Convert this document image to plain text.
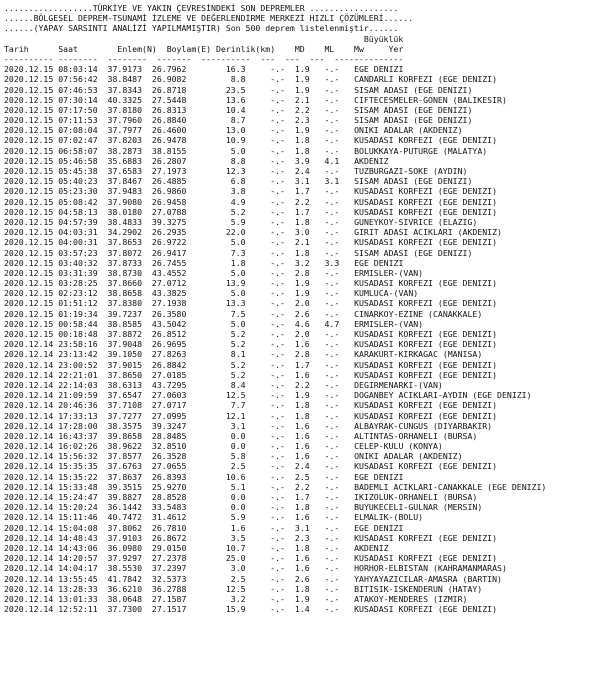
..................TÜRKİYE VE YAKIN ÇEVRESİNDEKİ SON DEPREMLER ..................
......BÖLGESEL DEPREM-TSUNAMİ İZLEME VE DEĞERLENDİRME MERKEZİ HIZLI ÇÖZÜMLERİ......
......(YAPAY SARSINTI ANALİZİ YAPILMAMIŞTIR) Son 500 deprem listelenmiştir......
Büyüklük
Tarih	Saat	Enlem(N) Boylam(E) Derinlik(km) MD ML Mw	Yer
---------- --------  --------  -------  ----------  ---  ---  ---  --------------
2020.12.15 08:03:14 37.9173 26.7962	16.3	-.- 1.9 -.- EGE DENIZI
2020.12.15 07:56:42 38.8487 26.9082	8.8	-.- 1.9 -.- CANDARLI KORFEZI (EGE DENIZI)
2020.12.15 07:46:53 37.8343 26.8718	23.5	-.- 1.9 -.- SISAM ADASI (EGE DENIZI)
2020.12.15 07:30:14 40.3325 27.5448	13.6	-.- 2.1 -.- CIFTECESMELER-GONEN (BALIKESIR)
2020.12.15 07:17:50 37.8180 26.8313	10.4	-.- 2.2 -.- SISAM ADASI (EGE DENIZI)
2020.12.15 07:11:53 37.7960 26.8840	8.7	-.- 2.3 -.- SISAM ADASI (EGE DENIZI)
2020.12.15 07:08:04 37.7977 26.4600	13.0	-.- 1.9 -.- ONIKI ADALAR (AKDENIZ)
2020.12.15 07:02:47 37.8203 26.9478	10.9	-.- 1.8 -.- KUSADASI KORFEZI (EGE DENIZI)
2020.12.15 06:58:07 38.2873 38.8155	5.0	-.- 1.8 -.- BOLUKKAYA-PUTURGE (MALATYA)
2020.12.15 05:46:58 35.6883 26.2807	8.8	-.- 3.9 4.1 AKDENIZ
2020.12.15 05:45:38 37.6583 27.1973	12.3	-.- 2.4 -.- TUZBURGAZI-SOKE (AYDIN)
2020.12.15 05:40:23 37.8467 26.4885	6.8	-.- 3.1 3.1 SISAM ADASI (EGE DENIZI)
2020.12.15 05:23:30 37.9483 26.9860	3.8	-.- 1.7 -.- KUSADASI KORFEZI (EGE DENIZI)
2020.12.15 05:08:42 37.9080 26.9458	4.9	-.- 2.2 -.- KUSADASI KORFEZI (EGE DENIZI)
2020.12.15 04:58:13 38.0180 27.0788	5.2	-.- 1.7 -.- KUSADASI KORFEZI (EGE DENIZI)
2020.12.15 04:57:39 38.4833 39.3275	5.9	-.- 1.8 -.- GUNEYKOY-SIVRICE (ELAZIG)
2020.12.15 04:03:31 34.2902 26.2935	22.0	-.- 3.0 -.- GIRIT ADASI ACIKLARI (AKDENIZ)
2020.12.15 04:00:31 37.8653 26.9722	5.0	-.- 2.1 -.- KUSADASI KORFEZI (EGE DENIZI)
2020.12.15 03:57:23 37.8072 26.9417	7.3	-.- 1.8 -.- SISAM ADASI (EGE DENIZI)
2020.12.15 03:40:32 37.8733 26.7455	1.8	-.- 3.2 3.3 EGE DENIZI
2020.12.15 03:31:39 38.8730 43.4552	5.0	-.- 2.8 -.- ERMISLER-(VAN)
2020.12.15 03:28:25 37.8660 27.0712	13.9	-.- 1.9 -.- KUSADASI KORFEZI (EGE DENIZI)
2020.12.15 02:23:12 38.8658 43.3825	5.0	-.- 1.9 -.- KUMLUCA-(VAN)
2020.12.15 01:51:12 37.8380 27.1938	13.3	-.- 2.0 -.- KUSADASI KORFEZI (EGE DENIZI)
2020.12.15 01:19:34 39.7237 26.3580	7.5	-.- 2.6 -.- CINARKOY-EZINE (CANAKKALE)
2020.12.15 00:58:44 38.8585 43.5042	5.0	-.- 4.6 4.7 ERMISLER-(VAN)
2020.12.15 00:18:48 37.8872 26.8512	5.2	-.- 2.0 -.- KUSADASI KORFEZI (EGE DENIZI)
2020.12.14 23:58:16 37.9048 26.9695	5.2	-.- 1.6 -.- KUSADASI KORFEZI (EGE DENIZI)
2020.12.14 23:13:42 39.1050 27.8263	8.1	-.- 2.8 -.- KARAKURT-KIRKAGAC (MANISA)
2020.12.14 23:00:52 37.9015 26.8842	5.2	-.- 1.7 -.- KUSADASI KORFEZI (EGE DENIZI)
2020.12.14 22:21:01 37.8650 27.0185	5.2	-.- 1.6 -.- KUSADASI KORFEZI (EGE DENIZI)
2020.12.14 22:14:03 38.6313 43.7295	8.4	-.- 2.2 -.- DEGIRMENARKI-(VAN)
2020.12.14 21:09:59 37.6547 27.0603	12.5	-.- 1.9 -.- DOGANBEY ACIKLARI-AYDIN (EGE DENIZI)
2020.12.14 20:46:36 37.7108 27.0717	7.7	-.- 1.8 -.- KUSADASI KORFEZI (EGE DENIZI)
2020.12.14 17:33:13 37.7277 27.0995	12.1	-.- 1.8 -.- KUSADASI KORFEZI (EGE DENIZI)
2020.12.14 17:28:00 38.3575 39.3247	3.1	-.- 1.6 -.- ALBAYRAK-CUNGUS (DIYARBAKIR)
2020.12.14 16:43:37 39.8658 28.8485	0.0	-.- 1.6 -.- ALTINTAS-ORHANELI (BURSA)
2020.12.14 16:02:26 38.9622 32.8510	0.0	-.- 1.6 -.- CELEP-KULU (KONYA)
2020.12.14 15:56:32 37.8577 26.3528	5.8	-.- 1.6 -.- ONIKI ADALAR (AKDENIZ)
2020.12.14 15:35:35 37.6763 27.0655	2.5	-.- 2.4 -.- KUSADASI KORFEZI (EGE DENIZI)
2020.12.14 15:35:22 37.8637 26.8393	10.6	-.- 2.5 -.- EGE DENIZI
2020.12.14 15:33:48 39.3515 25.9270	5.1	-.- 2.2 -.- BADEMLI ACIKLARI-CANAKKALE (EGE DENIZI)
2020.12.14 15:24:47 39.8827 28.8528	0.0	-.- 1.7 -.- IKIZOLUK-ORHANELI (BURSA)
2020.12.14 15:20:24 36.1442 33.5483	0.0	-.- 1.8 -.- BUYUKECELI-GULNAR (MERSIN)
2020.12.14 15:11:46 40.7472 31.4612	5.9	-.- 1.6 -.- ELMALIK-(BOLU)
2020.12.14 15:04:08 37.8062 26.7810	1.6	-.- 3.1 -.- EGE DENIZI
2020.12.14 14:48:43 37.9103 26.8672	3.5	-.- 2.3 -.- KUSADASI KORFEZI (EGE DENIZI)
2020.12.14 14:43:06 36.0980 29.0150	10.7	-.- 1.8 -.- AKDENIZ
2020.12.14 14:20:57 37.9297 27.2378	25.0	-.- 1.6 -.- KUSADASI KORFEZI (EGE DENIZI)
2020.12.14 14:04:17 38.5530 37.2397	3.0	-.- 1.6 -.- HORHOR-ELBISTAN (KAHRAMANMARAS)
2020.12.14 13:55:45 41.7842 32.5373	2.5	-.- 2.6 -.- YAHYAYAZICILAR-AMASRA (BARTIN)
2020.12.14 13:28:33 36.6210 36.2788	12.5	-.- 1.8 -.- BITISIK-ISKENDERUN (HATAY)
2020.12.14 13:01:33 38.0648 27.1587	3.2	-.- 1.9 -.- ATAKOY-MENDERES (IZMIR)
2020.12.14 12:52:11 37.7300 27.1517	15.9	-.- 1.4 -.- KUSADASI KORFEZI (EGE DENIZI)
